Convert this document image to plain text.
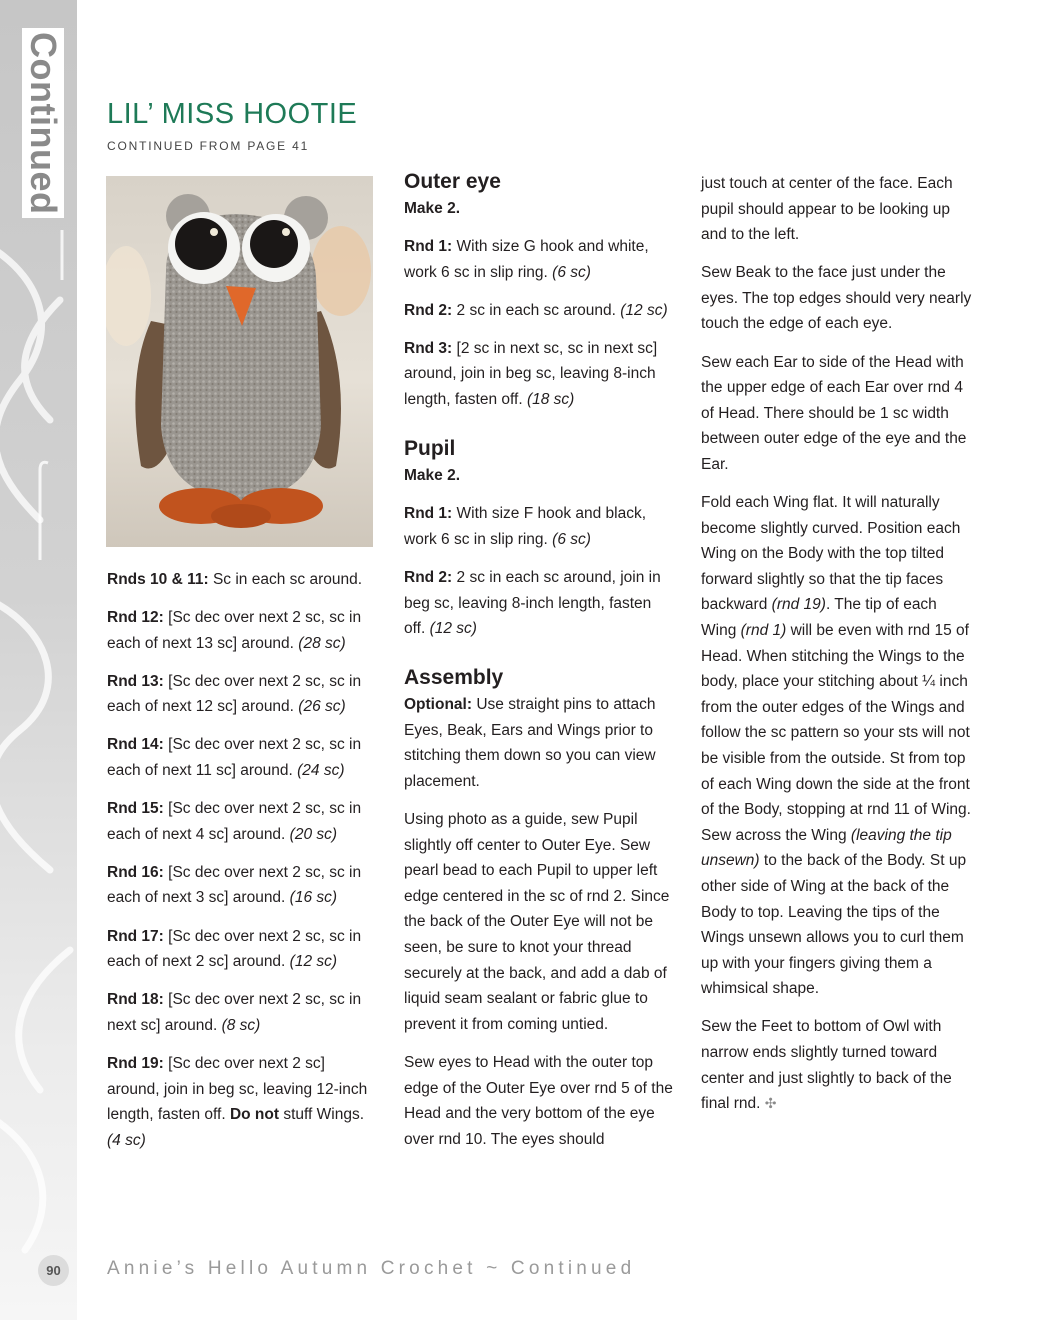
Continued LIL’ MISS HOOTIE
CONTINUED FROM PAGE 41

Rnds 10 & 11: Sc in each sc around.

Rnd 12: [Sc dec over next 2 sc, sc in each of next 13 sc] around. (28 sc)

Rnd 13: [Sc dec over next 2 sc, sc in each of next 12 sc] around. (26 sc)

Rnd 14: [Sc dec over next 2 sc, sc in each of next 11 sc] around. (24 sc)

Rnd 15: [Sc dec over next 2 sc, sc in each of next 4 sc] around. (20 sc)

Rnd 16: [Sc dec over next 2 sc, sc in each of next 3 sc] around. (16 sc)

Rnd 17: [Sc dec over next 2 sc, sc in each of next 2 sc] around. (12 sc)

Rnd 18: [Sc dec over next 2 sc, sc in next sc] around. (8 sc)

Rnd 19: [Sc dec over next 2 sc] around, join in beg sc, leaving 12-inch length, fasten off. Do not stuff Wings. (4 sc)

Outer eye
Make 2.

Rnd 1: With size G hook and white, work 6 sc in slip ring. (6 sc)

Rnd 2: 2 sc in each sc around. (12 sc)

Rnd 3: [2 sc in next sc, sc in next sc] around, join in beg sc, leaving 8-inch length, fasten off. (18 sc)

Pupil
Make 2.

Rnd 1: With size F hook and black, work 6 sc in slip ring. (6 sc)

Rnd 2: 2 sc in each sc around, join in beg sc, leaving 8-inch length, fasten off. (12 sc)

Assembly

Optional: Use straight pins to attach Eyes, Beak, Ears and Wings prior to stitching them down so you can view placement.

Using photo as a guide, sew Pupil slightly off center to Outer Eye. Sew pearl bead to each Pupil to upper left edge centered in the sc of rnd 2. Since the back of the Outer Eye will not be seen, be sure to knot your thread securely at the back, and add a dab of liquid seam sealant or fabric glue to prevent it from coming untied.

Sew eyes to Head with the outer top edge of the Outer Eye over rnd 5 of the Head and the very bottom of the eye over rnd 10. The eyes should

just touch at center of the face. Each pupil should appear to be looking up and to the left.

Sew Beak to the face just under the eyes. The top edges should very nearly touch the edge of each eye.

Sew each Ear to side of the Head with the upper edge of each Ear over rnd 4 of Head. There should be 1 sc width between outer edge of the eye and the Ear.

Fold each Wing flat. It will naturally become slightly curved. Position each Wing on the Body with the top tilted forward slightly so that the tip faces backward (rnd 19). The tip of each Wing (rnd 1) will be even with rnd 15 of Head. When stitching the Wings to the body, place your stitching about ¼ inch from the outer edges of the Wings and follow the sc pattern so your sts will not be visible from the outside. St from top of each Wing down the side at the front of the Body, stopping at rnd 11 of Wing. Sew across the Wing (leaving the tip unsewn) to the back of the Body. St up other side of Wing at the back of the Body to top. Leaving the tips of the Wings unsewn allows you to curl them up with your fingers giving them a whimsical shape.

Sew the Feet to bottom of Owl with narrow ends slightly turned toward center and just slightly to back of the final rnd. ✣

90	Annie’s Hello Autumn Crochet ~ Continued
